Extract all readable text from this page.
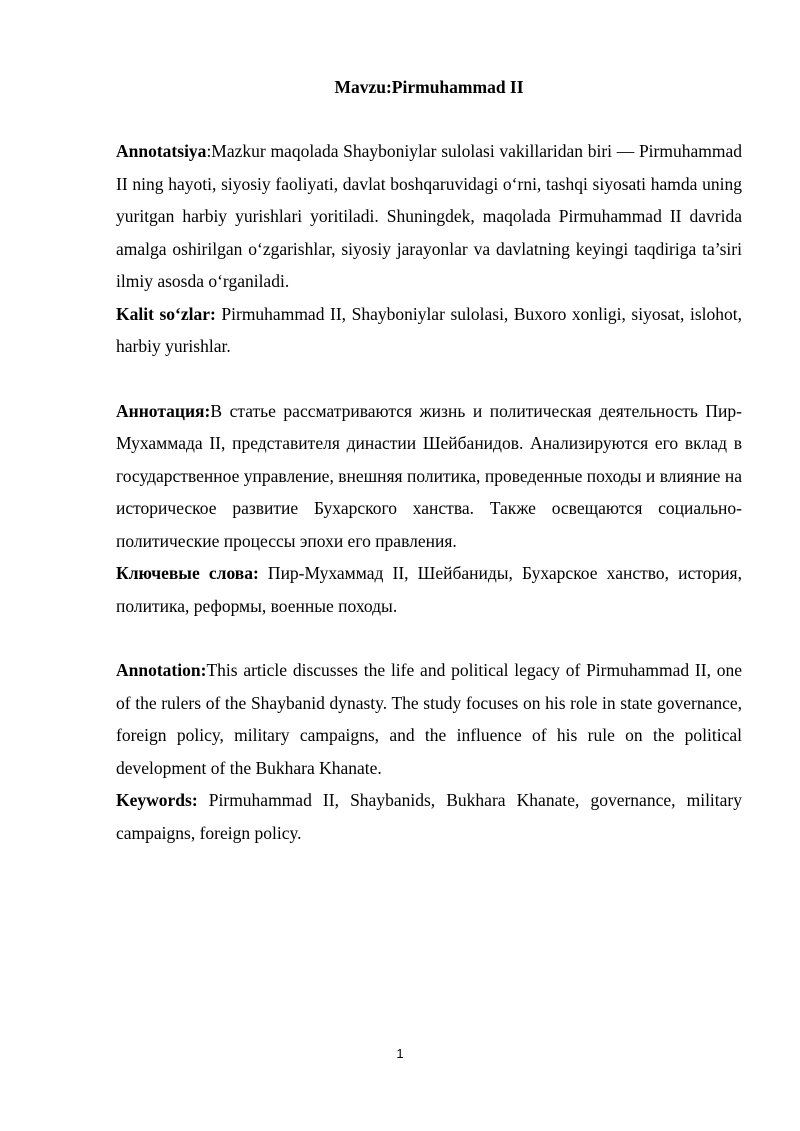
Mavzu:Pirmuhammad II

Annotatsiya:Mazkur maqolada Shayboniylar sulolasi vakillaridan biri — Pirmuhammad II ning hayoti, siyosiy faoliyati, davlat boshqaruvidagi o‘rni, tashqi siyosati hamda uning yuritgan harbiy yurishlari yoritiladi. Shuningdek, maqolada Pirmuhammad II davrida amalga oshirilgan o‘zgarishlar, siyosiy jarayonlar va davlatning keyingi taqdiriga ta’siri ilmiy asosda o‘rganiladi.

Kalit so‘zlar: Pirmuhammad II, Shayboniylar sulolasi, Buxoro xonligi, siyosat, islohot, harbiy yurishlar.

Аннотация:В статье рассматриваются жизнь и политическая деятельность Пир-Мухаммада II, представителя династии Шейбанидов. Анализируются его вклад в государственное управление, внешняя политика, проведенные походы и влияние на историческое развитие Бухарского ханства. Также освещаются социально-политические процессы эпохи его правления.

Ключевые слова: Пир-Мухаммад II, Шейбаниды, Бухарское ханство, история, политика, реформы, военные походы.

Annotation:This article discusses the life and political legacy of Pirmuhammad II, one of the rulers of the Shaybanid dynasty. The study focuses on his role in state governance, foreign policy, military campaigns, and the influence of his rule on the political development of the Bukhara Khanate.

Keywords: Pirmuhammad II, Shaybanids, Bukhara Khanate, governance, military campaigns, foreign policy.

1
